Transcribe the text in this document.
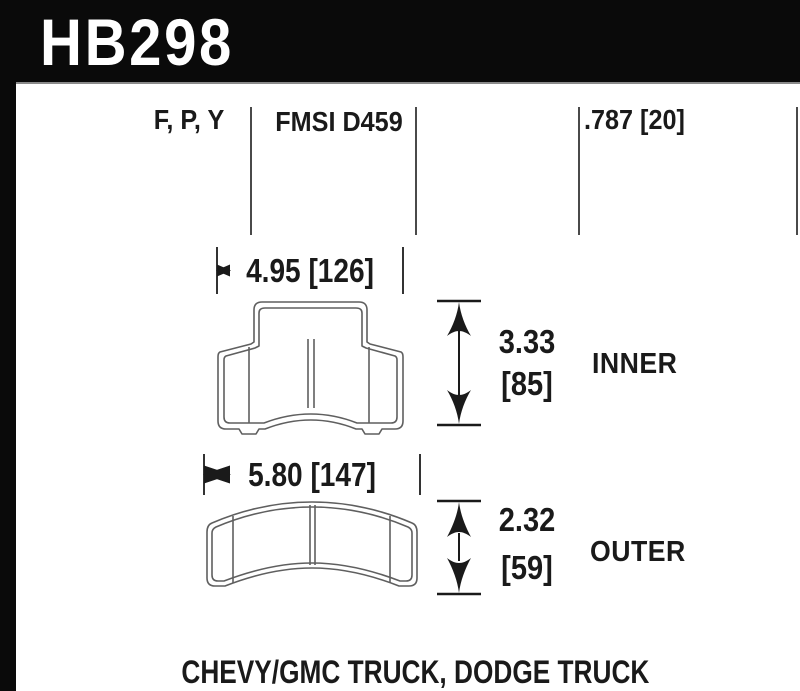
HB298
F, P, Y	FMSI D459	.787 [20]
4.95 [126]
3.33
[85]
INNER
5.80 [147]
2.32
[59]	OUTER
CHEVY/GMC TRUCK, DODGE TRUCK
